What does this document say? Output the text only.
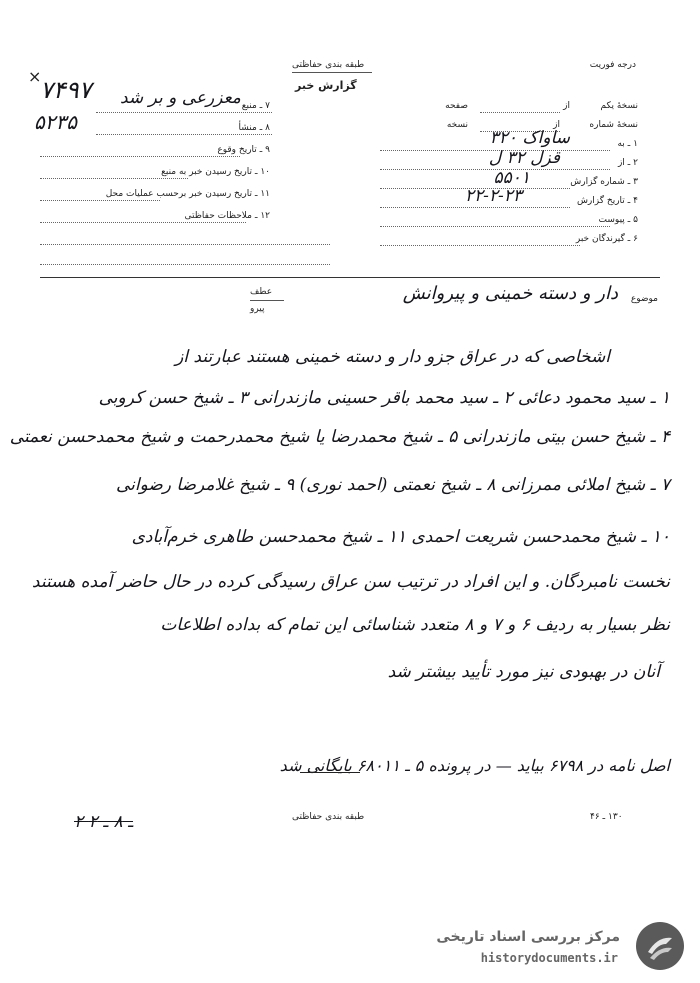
درجه فوریت
طبقه بندی حفاظتی
گزارش خبر
×
۷۴۹۷
۵۲۳۵
۷ ـ منبع
معزرعی و بر شد
۸ ـ منشأ
۹ ـ تاریخ وقوع
۱۰ ـ تاریخ رسیدن خبر به منبع
۱۱ ـ تاریخ رسیدن خبر برحسب عملیات محل
۱۲ ـ ملاحظات حفاظتی
نسخهٔ یکم
از
صفحه
نسخهٔ شماره
از
نسخه
۱ ـ به
ساواک ۳۲۰
۲ ـ از
قزل ۳۲ ل
۳ ـ شماره گزارش
۵۵۰۱
۴ ـ تاریخ گزارش
۲۲-۲-۲۳
۵ ـ پیوست
۶ ـ گیرندگان خبر
عطف
پیرو
موضوع
دار و دسته خمینی و پیروانش
اشخاصی که در عراق جزو دار و دسته خمینی هستند عبارتند از
۱ ـ سید محمود دعائی ۲ ـ سید محمد باقر حسینی مازندرانی ۳ ـ شیخ حسن کروبی
۴ ـ شیخ حسن بیتی مازندرانی ۵ ـ شیخ محمدرضا یا شیخ محمدرحمت و شیخ محمدحسن نعمتی
۷ ـ شیخ املائی ممرزانی ۸ ـ شیخ نعمتی (احمد نوری) ۹ ـ شیخ غلامرضا رضوانی
۱۰ ـ شیخ محمدحسن شریعت احمدی ۱۱ ـ شیخ محمدحسن طاهری خرم‌آبادی
نخست نامبردگان. و این افراد در ترتیب سن عراق رسیدگی کرده در حال حاضر آمده هستند
نظر بسیار به ردیف ۶ و ۷ و ۸ متعدد شناسائی این تمام که بداده اطلاعات
آنان در بهبودی نیز مورد تأیید بیشتر شد
اصل نامه در ۶۷۹۸ بیاید — در پرونده ۵ ـ ۶۸۰۱۱ بایگانی شد
۲ ـ ۸ ـ ۲	طبقه بندی حفاظتی	۱۳۰ ـ ۴۶
مرکز بررسی اسناد تاریخی
historydocuments.ir
